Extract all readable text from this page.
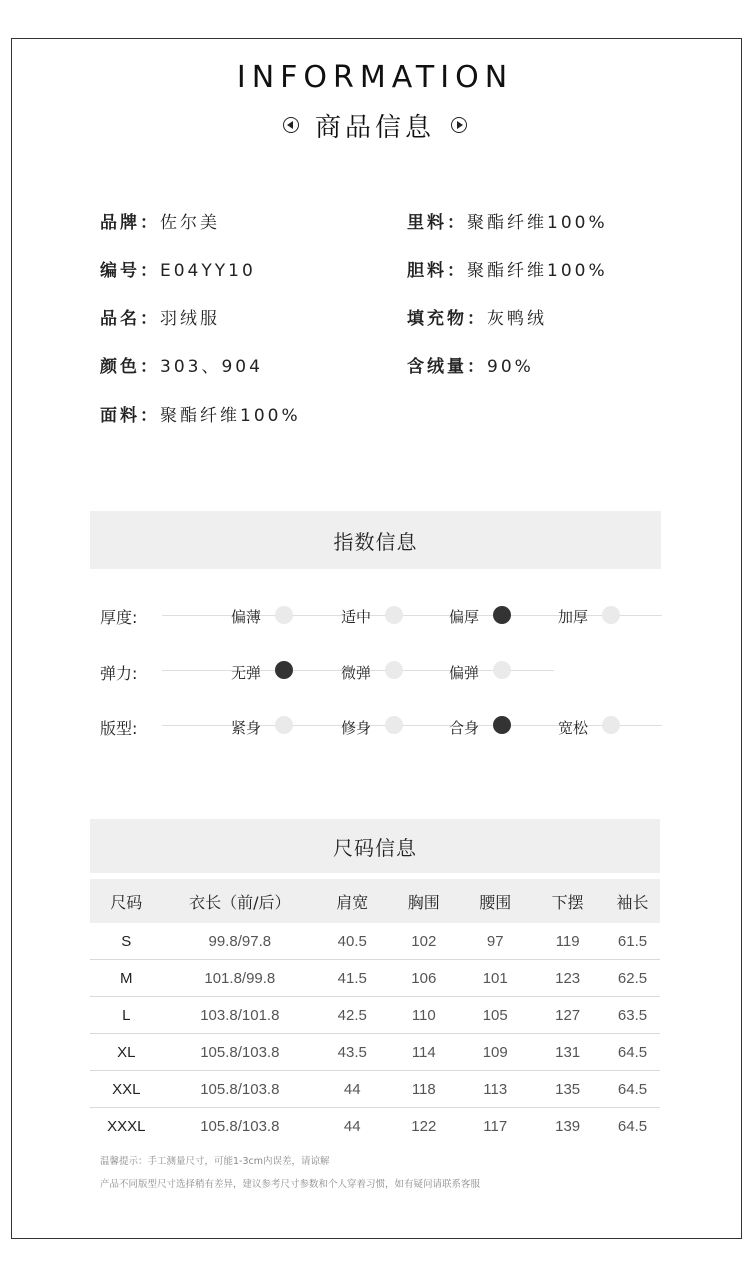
INFORMATION
商品信息
品牌：佐尔美
编号：E04YY10
品名：羽绒服
颜色：303、904
面料：聚酯纤维100%
里料：聚酯纤维100%
胆料：聚酯纤维100%
填充物：灰鸭绒
含绒量：90%
指数信息
厚度:	偏薄	适中	偏厚	加厚
弹力:	无弹	微弹	偏弹
版型:	紧身	修身	合身	宽松
尺码信息
尺码	衣长（前/后）	肩宽	胸围	腰围	下摆	袖长
S	99.8/97.8	40.5	102	97	119	61.5
M	101.8/99.8	41.5	106	101	123	62.5
L	103.8/101.8	42.5	110	105	127	63.5
XL	105.8/103.8	43.5	114	109	131	64.5
XXL	105.8/103.8	44	118	113	135	64.5
XXXL	105.8/103.8	44	122	117	139	64.5
温馨提示：手工测量尺寸，可能1-3cm内误差，请谅解
产品不同版型尺寸选择稍有差异，建议参考尺寸参数和个人穿着习惯，如有疑问请联系客服
